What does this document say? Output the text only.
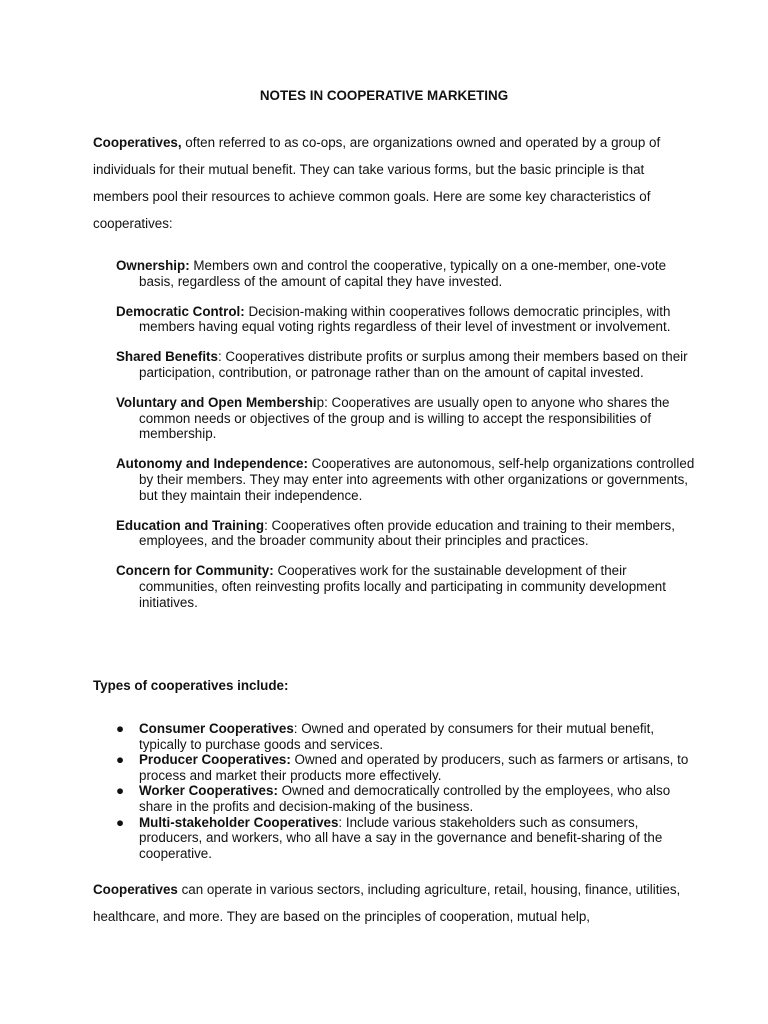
NOTES IN COOPERATIVE MARKETING

Cooperatives, often referred to as co-ops, are organizations owned and operated by a group of individuals for their mutual benefit. They can take various forms, but the basic principle is that members pool their resources to achieve common goals. Here are some key characteristics of cooperatives:

Ownership: Members own and control the cooperative, typically on a one-member, one-vote basis, regardless of the amount of capital they have invested.
Democratic Control: Decision-making within cooperatives follows democratic principles, with members having equal voting rights regardless of their level of investment or involvement.
Shared Benefits: Cooperatives distribute profits or surplus among their members based on their participation, contribution, or patronage rather than on the amount of capital invested.
Voluntary and Open Membership: Cooperatives are usually open to anyone who shares the common needs or objectives of the group and is willing to accept the responsibilities of membership.
Autonomy and Independence: Cooperatives are autonomous, self-help organizations controlled by their members. They may enter into agreements with other organizations or governments, but they maintain their independence.
Education and Training: Cooperatives often provide education and training to their members, employees, and the broader community about their principles and practices.
Concern for Community: Cooperatives work for the sustainable development of their communities, often reinvesting profits locally and participating in community development initiatives.

Types of cooperatives include:

● Consumer Cooperatives: Owned and operated by consumers for their mutual benefit, typically to purchase goods and services.
● Producer Cooperatives: Owned and operated by producers, such as farmers or artisans, to process and market their products more effectively.
● Worker Cooperatives: Owned and democratically controlled by the employees, who also share in the profits and decision-making of the business.
● Multi-stakeholder Cooperatives: Include various stakeholders such as consumers, producers, and workers, who all have a say in the governance and benefit-sharing of the cooperative.

Cooperatives can operate in various sectors, including agriculture, retail, housing, finance, utilities, healthcare, and more. They are based on the principles of cooperation, mutual help,
